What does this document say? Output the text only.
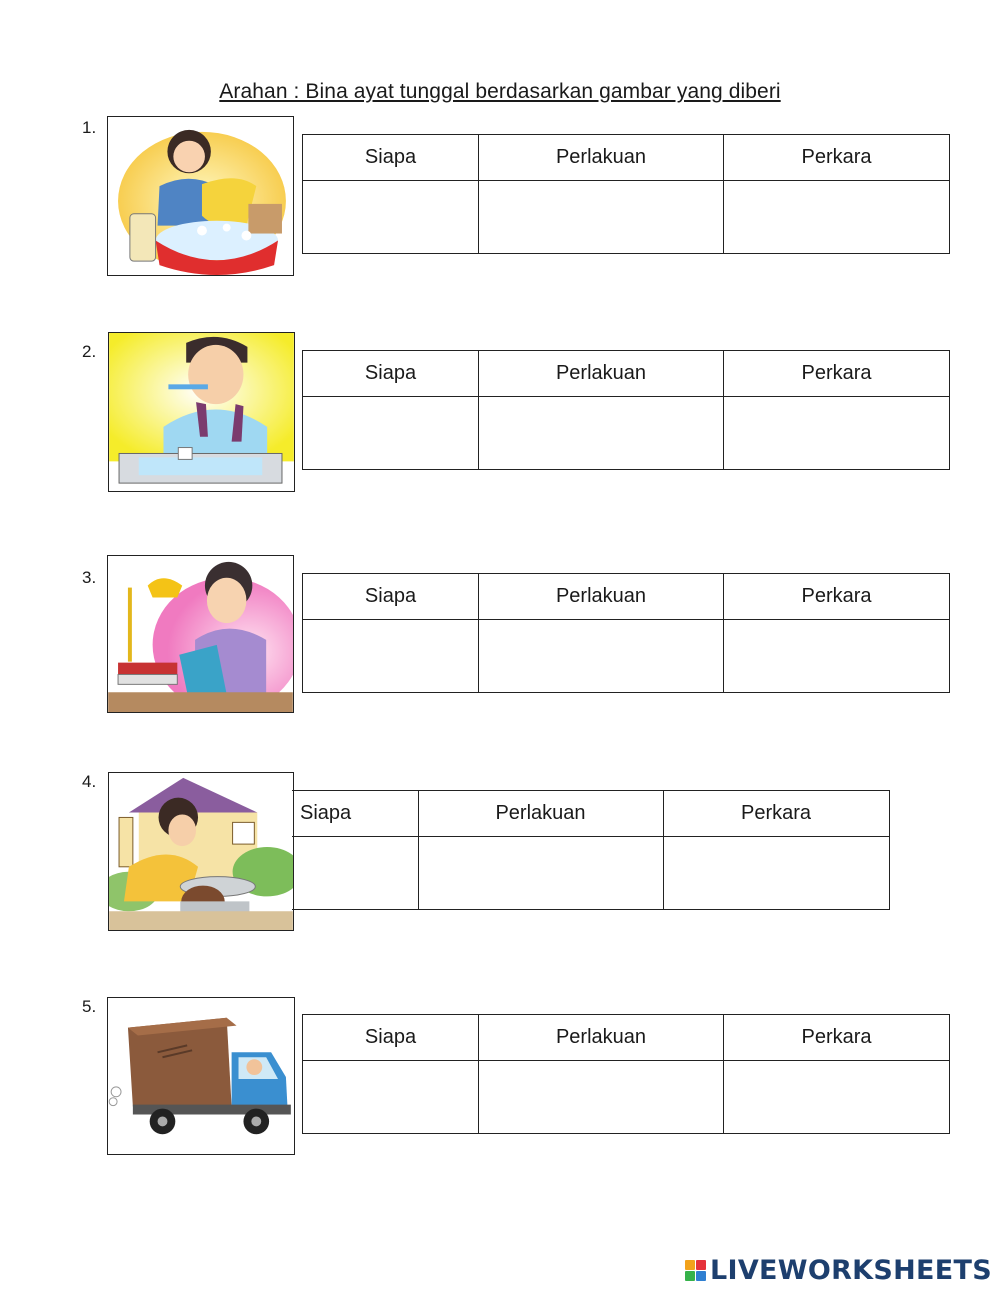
Arahan : Bina ayat tunggal berdasarkan gambar yang diberi
1.
Siapa	Perlakuan	Perkara

2.
Siapa	Perlakuan	Perkara

3.
Siapa	Perlakuan	Perkara

4.
Siapa	Perlakuan	Perkara

5.
Siapa	Perlakuan	Perkara

LIVEWORKSHEETS
